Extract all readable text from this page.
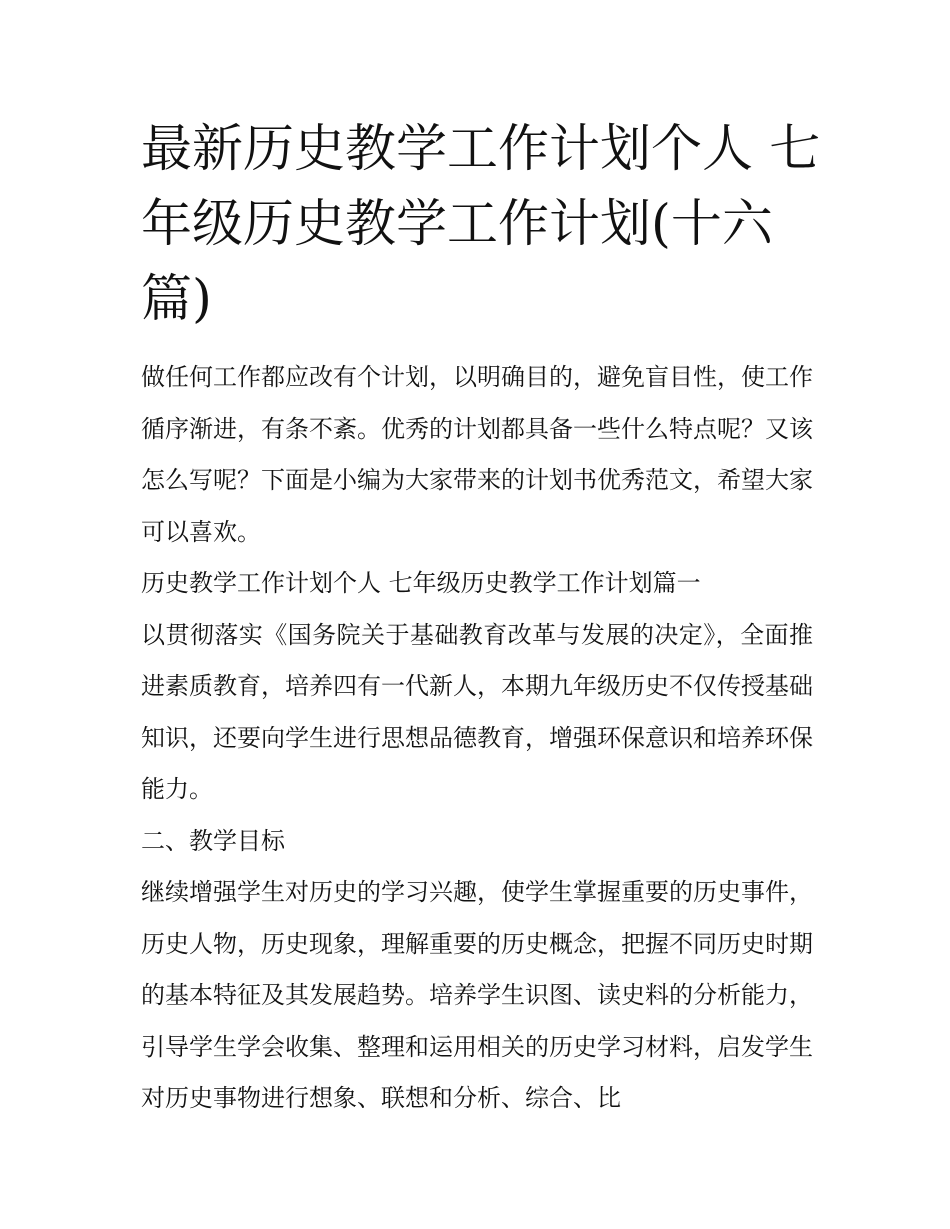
最新历史教学工作计划个人 七年级历史教学工作计划(十六篇)

做任何工作都应改有个计划，以明确目的，避免盲目性，使工作循序渐进，有条不紊。优秀的计划都具备一些什么特点呢？又该怎么写呢？下面是小编为大家带来的计划书优秀范文，希望大家可以喜欢。

历史教学工作计划个人 七年级历史教学工作计划篇一

以贯彻落实《国务院关于基础教育改革与发展的决定》，全面推进素质教育，培养四有一代新人，本期九年级历史不仅传授基础知识，还要向学生进行思想品德教育，增强环保意识和培养环保能力。

二、教学目标

继续增强学生对历史的学习兴趣，使学生掌握重要的历史事件，历史人物，历史现象，理解重要的历史概念，把握不同历史时期的基本特征及其发展趋势。培养学生识图、读史料的分析能力，引导学生学会收集、整理和运用相关的历史学习材料，启发学生对历史事物进行想象、联想和分析、综合、比
